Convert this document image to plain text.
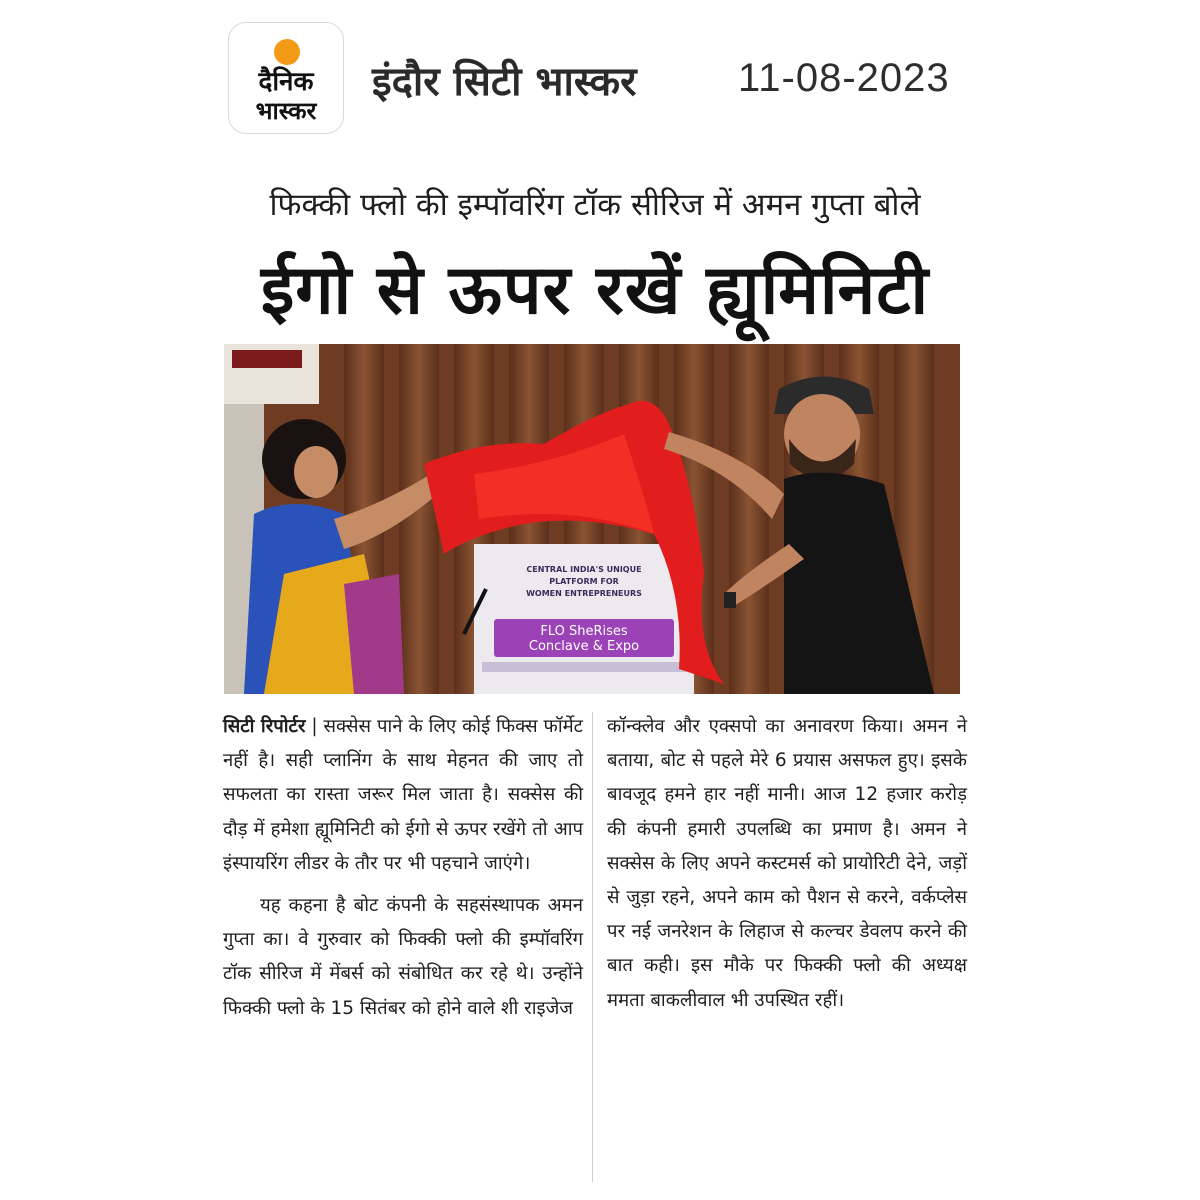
दैनिक
भास्कर
इंदौर सिटी भास्कर	11-08-2023
फिक्की फ्लो की इम्पॉवरिंग टॉक सीरिज में अमन गुप्ता बोले
ईगो से ऊपर रखें ह्यूमिनिटी
CENTRAL INDIA'S UNIQUE
PLATFORM FOR
WOMEN ENTREPRENEURS
FLO SheRises
Conclave & Expo

सिटी रिपोर्टर | सक्सेस पाने के लिए कोई फिक्स फॉर्मेट नहीं है। सही प्लानिंग के साथ मेहनत की जाए तो सफलता का रास्ता जरूर मिल जाता है। सक्सेस की दौड़ में हमेशा ह्यूमिनिटी को ईगो से ऊपर रखेंगे तो आप इंस्पायरिंग लीडर के तौर पर भी पहचाने जाएंगे।

यह कहना है बोट कंपनी के सहसंस्थापक अमन गुप्ता का। वे गुरुवार को फिक्की फ्लो की इम्पॉवरिंग टॉक सीरिज में मेंबर्स को संबोधित कर रहे थे। उन्होंने फिक्की फ्लो के 15 सितंबर को होने वाले शी राइजेज

कॉन्क्लेव और एक्सपो का अनावरण किया। अमन ने बताया, बोट से पहले मेरे 6 प्रयास असफल हुए। इसके बावजूद हमने हार नहीं मानी। आज 12 हजार करोड़ की कंपनी हमारी उपलब्धि का प्रमाण है। अमन ने सक्सेस के लिए अपने कस्टमर्स को प्रायोरिटी देने, जड़ों से जुड़ा रहने, अपने काम को पैशन से करने, वर्कप्लेस पर नई जनरेशन के लिहाज से कल्चर डेवलप करने की बात कही। इस मौके पर फिक्की फ्लो की अध्यक्ष ममता बाकलीवाल भी उपस्थित रहीं।
